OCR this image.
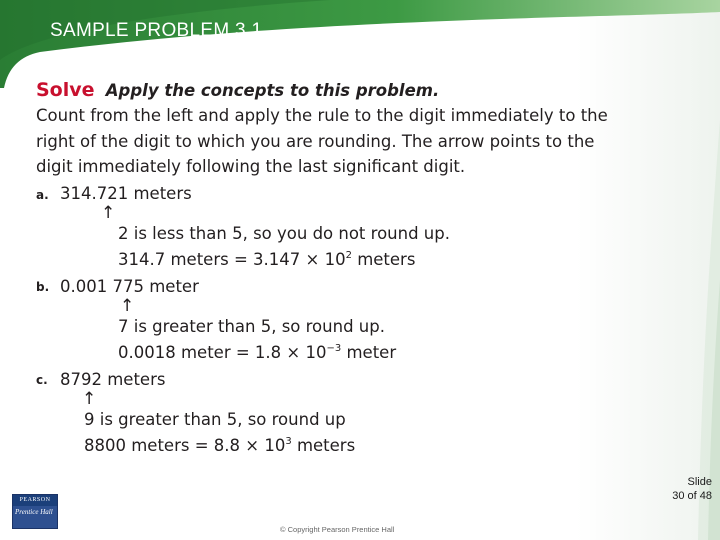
SAMPLE PROBLEM 3.1
Solve Apply the concepts to this problem.
Count from the left and apply the rule to the digit immediately to the
right of the digit to which you are rounding. The arrow points to the
digit immediately following the last significant digit.
a. 314.721 meters
↑
2 is less than 5, so you do not round up.
314.7 meters = $3.147 \times 10^2$ meters
b. 0.001 775 meter
↑
7 is greater than 5, so round up.
0.0018 meter = $1.8 \times 10^{-3}$ meter
c. 8792 meters
↑
9 is greater than 5, so round up
8800 meters = $8.8 \times 10^3$ meters
Slide
30 of 48
PEARSON
Prentice Hall
© Copyright Pearson Prentice Hall
